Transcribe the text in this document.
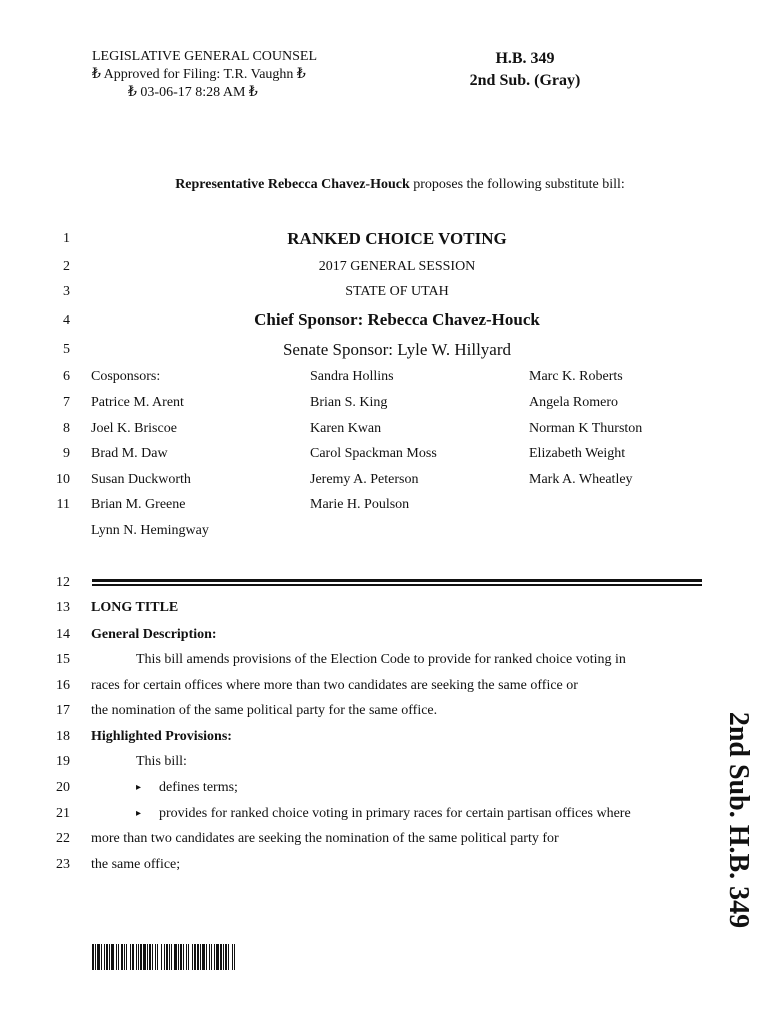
LEGISLATIVE GENERAL COUNSEL
₺ Approved for Filing: T.R. Vaughn ₺
₺ 03-06-17 8:28 AM ₺
H.B. 349
2nd Sub. (Gray)
Representative Rebecca Chavez-Houck proposes the following substitute bill:
1
2
3
4
5
6
7
8
9
10
11
12
13
14
15
16
17
18
19
20
21
22
23
RANKED CHOICE VOTING
2017 GENERAL SESSION
STATE OF UTAH
Chief Sponsor: Rebecca Chavez-Houck
Senate Sponsor: Lyle W. Hillyard
Cosponsors:
Patrice M. Arent
Joel K. Briscoe
Brad M. Daw
Susan Duckworth
Brian M. Greene
Lynn N. Hemingway
Sandra Hollins
Brian S. King
Karen Kwan
Carol Spackman Moss
Jeremy A. Peterson
Marie H. Poulson
Marc K. Roberts
Angela Romero
Norman K Thurston
Elizabeth Weight
Mark A. Wheatley
LONG TITLE
General Description:
This bill amends provisions of the Election Code to provide for ranked choice voting in
races for certain offices where more than two candidates are seeking the same office or
the nomination of the same political party for the same office.
Highlighted Provisions:
This bill:
▸ defines terms;
▸ provides for ranked choice voting in primary races for certain partisan offices where
more than two candidates are seeking the nomination of the same political party for
the same office;	2nd Sub. H.B. 349
